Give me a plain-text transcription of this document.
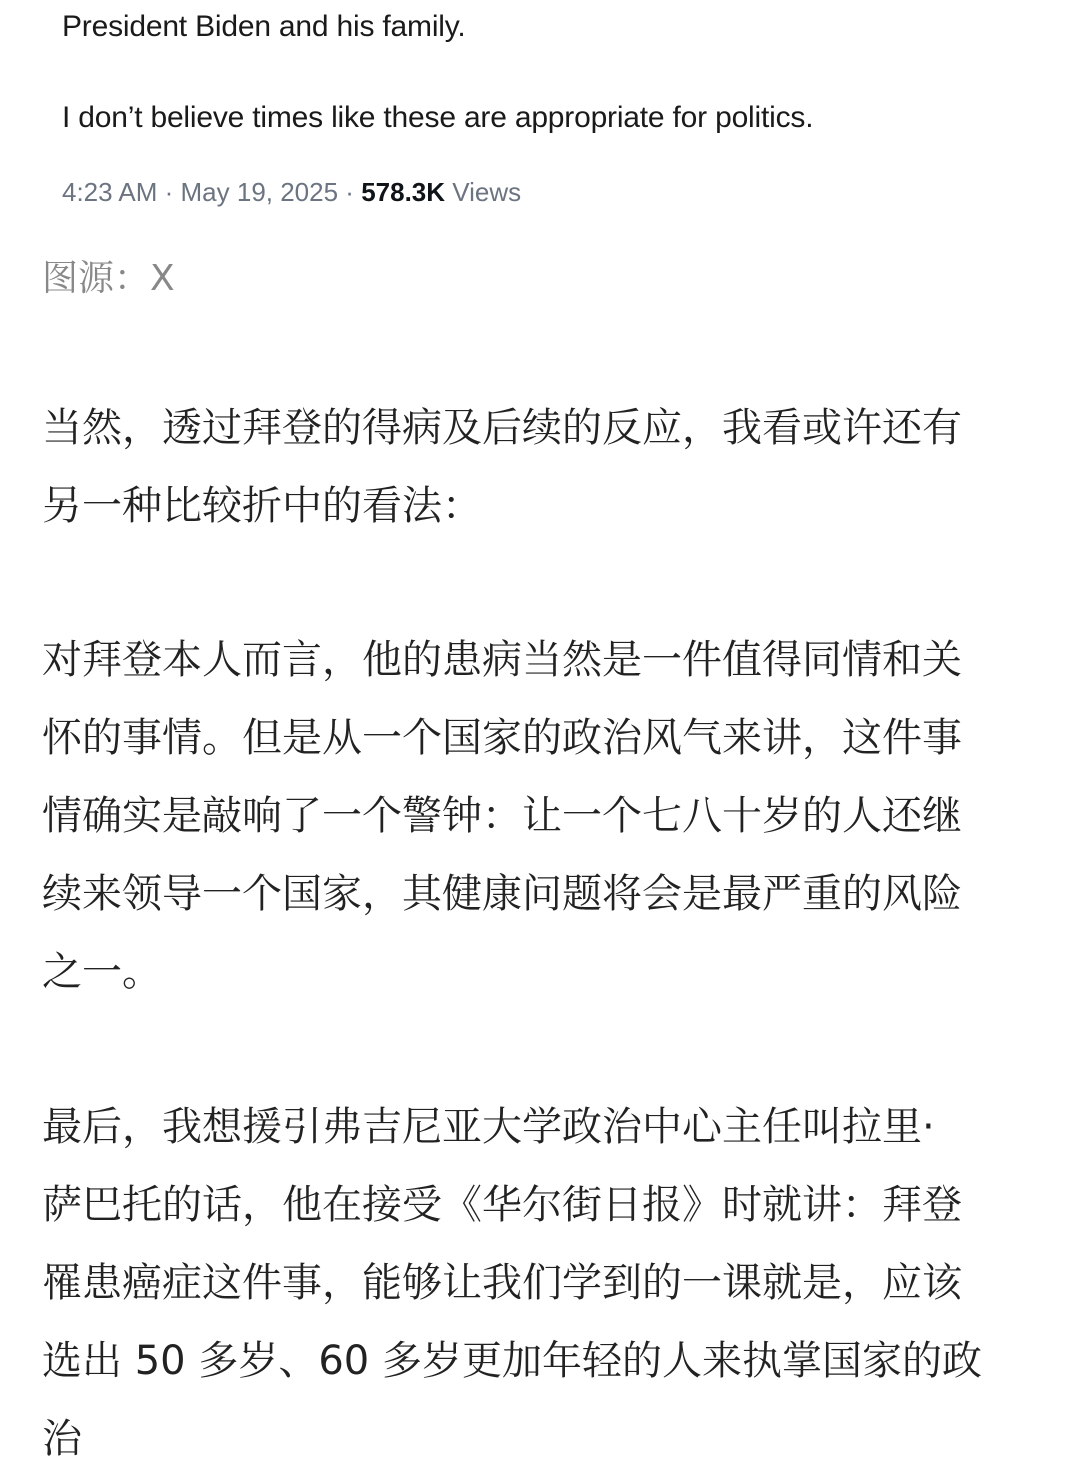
President Biden and his family.
I don’t believe times like these are appropriate for politics.
4:23 AM · May 19, 2025 · 578.3K Views
图源：X
当然，透过拜登的得病及后续的反应，我看或许还有
另一种比较折中的看法：
对拜登本人而言，他的患病当然是一件值得同情和关
怀的事情。但是从一个国家的政治风气来讲，这件事
情确实是敲响了一个警钟：让一个七八十岁的人还继
续来领导一个国家，其健康问题将会是最严重的风险
之一。
最后，我想援引弗吉尼亚大学政治中心主任叫拉里·
萨巴托的话，他在接受《华尔街日报》时就讲：拜登
罹患癌症这件事，能够让我们学到的一课就是，应该
选出 50 多岁、60 多岁更加年轻的人来执掌国家的政
治
